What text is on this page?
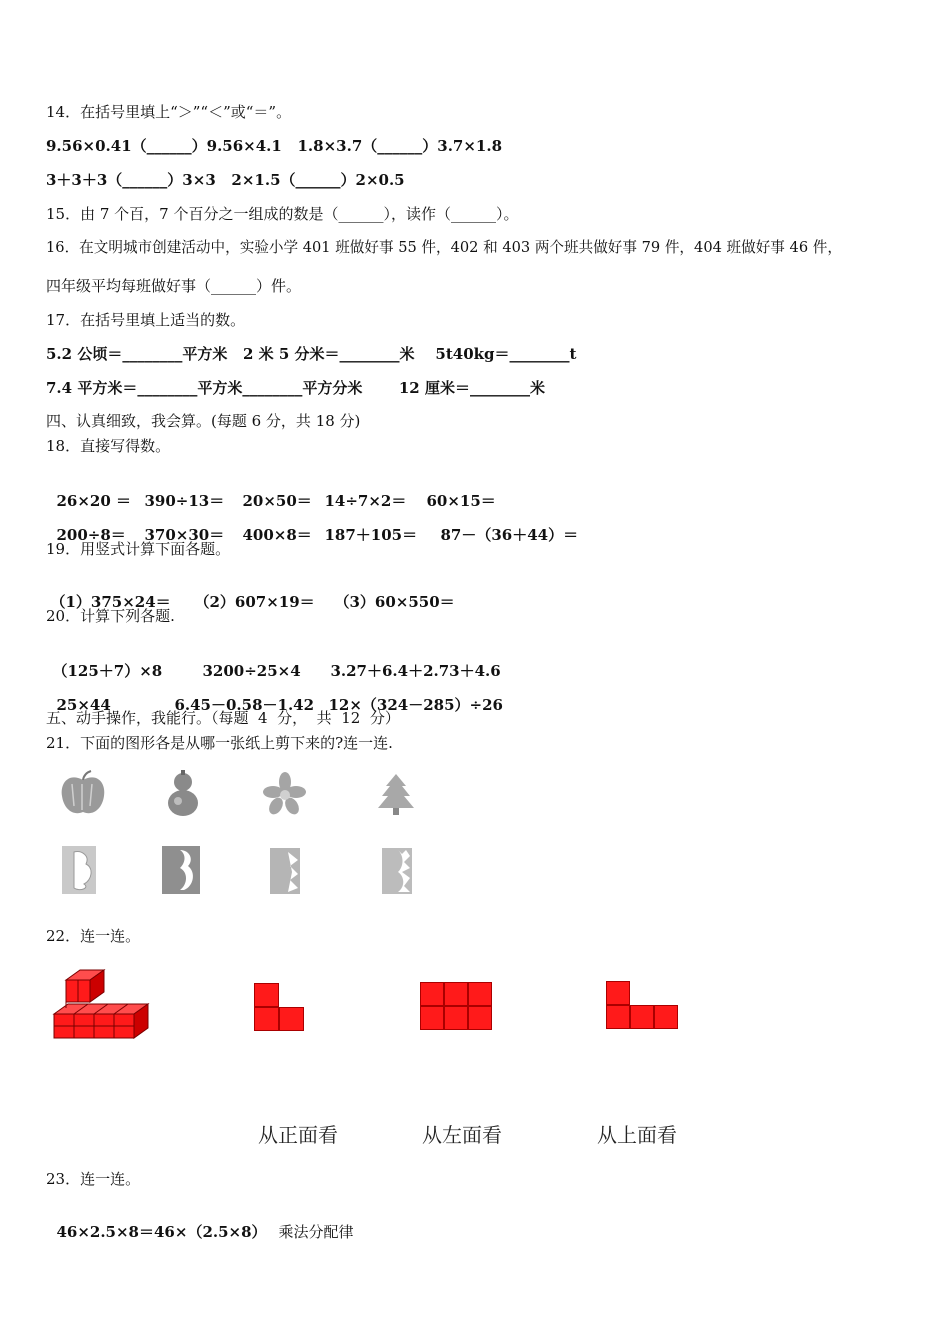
14．在括号里填上“＞”“＜”或“＝”。
9.56×0.41（______）9.56×4.1   1.8×3.7（______）3.7×1.8
3＋3＋3（______）3×3   2×1.5（______）2×0.5
15．由 7 个百，7 个百分之一组成的数是（______），读作（______）。
16．在文明城市创建活动中，实验小学 401 班做好事 55 件，402 和 403 两个班共做好事 79 件，404 班做好事 46 件，
四年级平均每班做好事（______）件。
17．在括号里填上适当的数。
5.2 公顷＝________平方米   2 米 5 分米＝________米    5t40kg＝________t
7.4 平方米＝________平方米________平方分米       12 厘米＝________米
四、认真细致，我会算。(每题 6 分，共 18 分)
18．直接写得数。

26×20 ＝ 390÷13＝ 20×50＝ 14÷7×2＝ 60×15＝

200÷8＝ 370×30＝ 400×8＝ 187＋105＝ 87－（36＋44）＝

19．用竖式计算下面各题。

（1）375×24＝ （2）607×19＝ （3）60×550＝

20．计算下列各题.

（125＋7）×8	3200÷25×4 3.27＋6.4＋2.73＋4.6

25×44	6.45－0.58－1.42 12×（324－285）÷26

五、动手操作，我能行。（每题  4  分，  共  12  分）
21．下面的图形各是从哪一张纸上剪下来的?连一连.
22．连一连。
从正面看	从左面看	从上面看
23．连一连。

46×2.5×8＝46×（2.5×8） 乘法分配律
